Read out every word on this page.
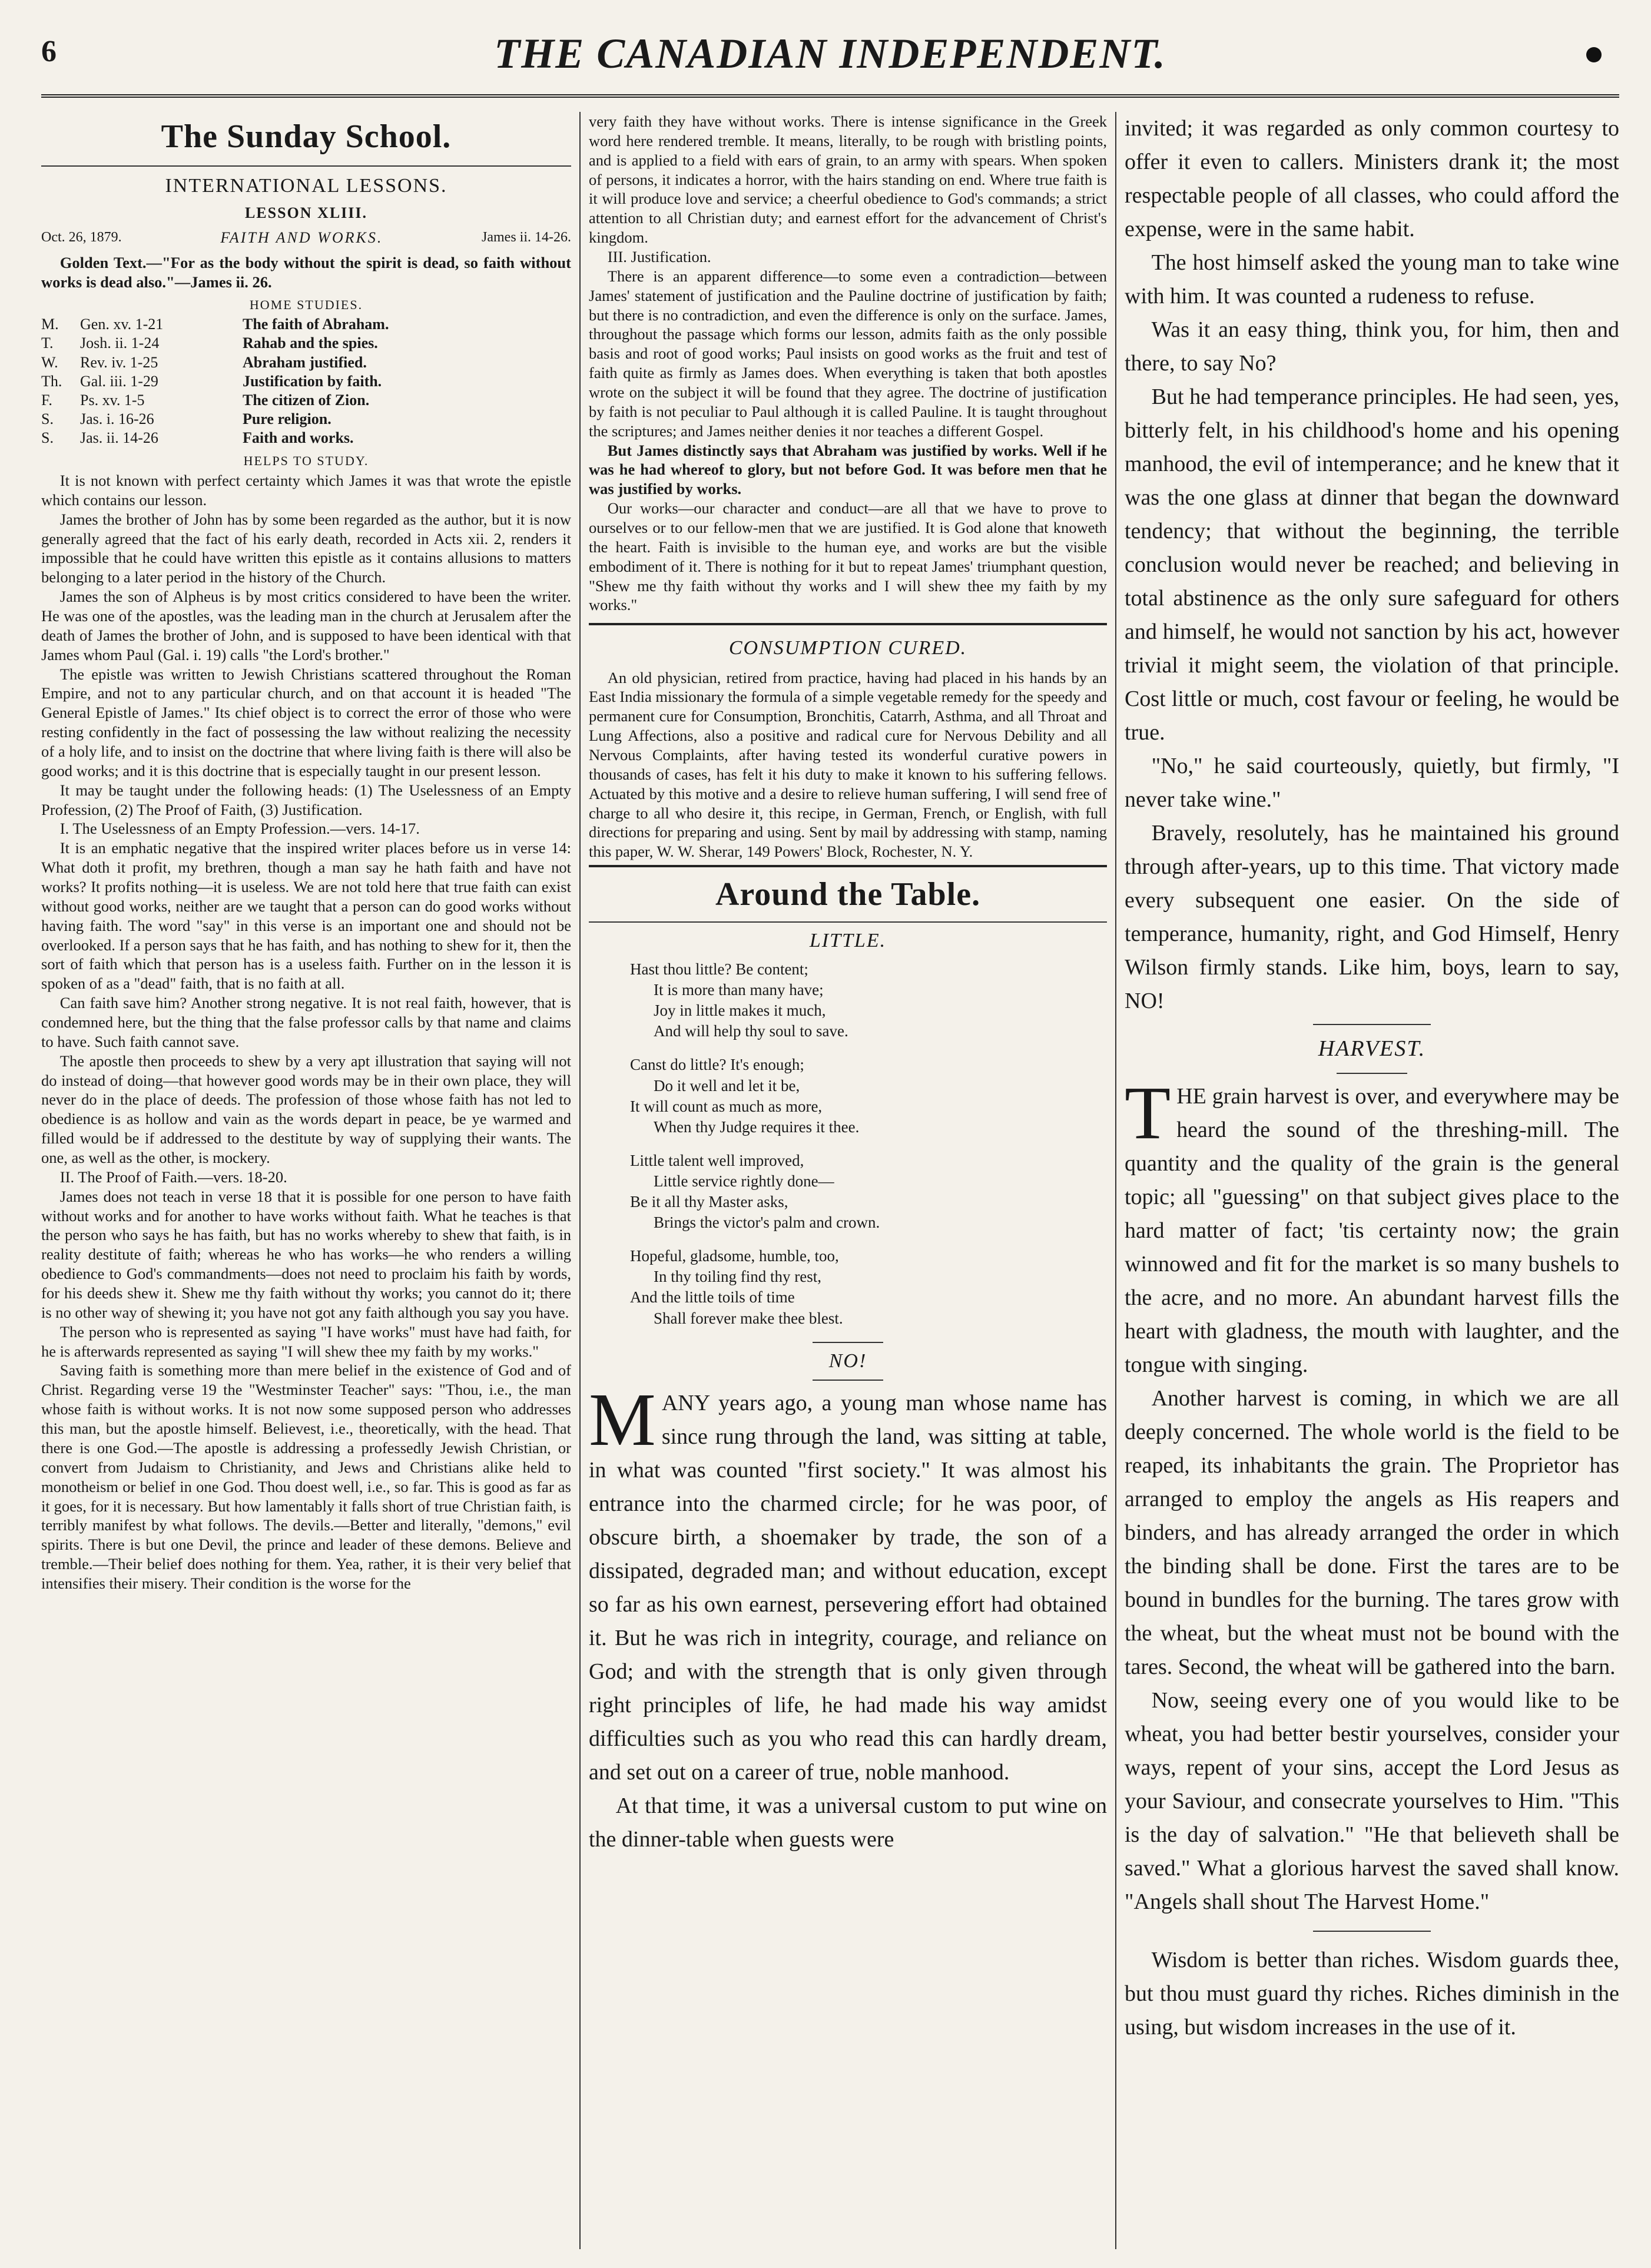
6	THE CANADIAN INDEPENDENT.
The Sunday School.
INTERNATIONAL LESSONS.
LESSON XLIII.
Oct. 26, 1879.	FAITH AND WORKS.	James ii. 14-26.

Golden Text.—"For as the body without the spirit is dead, so faith without works is dead also."—James ii. 26.

HOME STUDIES.
M.	Gen. xv. 1-21	The faith of Abraham.
T.	Josh. ii. 1-24	Rahab and the spies.
W.	Rev. iv. 1-25	Abraham justified.
Th.	Gal. iii. 1-29	Justification by faith.
F.	Ps. xv. 1-5	The citizen of Zion.
S.	Jas. i. 16-26	Pure religion.
S.	Jas. ii. 14-26	Faith and works.
HELPS TO STUDY.

It is not known with perfect certainty which James it was that wrote the epistle which contains our lesson.

James the brother of John has by some been regarded as the author, but it is now generally agreed that the fact of his early death, recorded in Acts xii. 2, renders it impossible that he could have written this epistle as it contains allusions to matters belonging to a later period in the history of the Church.

James the son of Alpheus is by most critics considered to have been the writer. He was one of the apostles, was the leading man in the church at Jerusalem after the death of James the brother of John, and is supposed to have been identical with that James whom Paul (Gal. i. 19) calls "the Lord's brother."

The epistle was written to Jewish Christians scattered throughout the Roman Empire, and not to any particular church, and on that account it is headed "The General Epistle of James." Its chief object is to correct the error of those who were resting confidently in the fact of possessing the law without realizing the necessity of a holy life, and to insist on the doctrine that where living faith is there will also be good works; and it is this doctrine that is especially taught in our present lesson.

It may be taught under the following heads: (1) The Uselessness of an Empty Profession, (2) The Proof of Faith, (3) Justification.

I. The Uselessness of an Empty Profession.—vers. 14-17.

It is an emphatic negative that the inspired writer places before us in verse 14: What doth it profit, my brethren, though a man say he hath faith and have not works? It profits nothing—it is useless. We are not told here that true faith can exist without good works, neither are we taught that a person can do good works without having faith. The word "say" in this verse is an important one and should not be overlooked. If a person says that he has faith, and has nothing to shew for it, then the sort of faith which that person has is a useless faith. Further on in the lesson it is spoken of as a "dead" faith, that is no faith at all.

Can faith save him? Another strong negative. It is not real faith, however, that is condemned here, but the thing that the false professor calls by that name and claims to have. Such faith cannot save.

The apostle then proceeds to shew by a very apt illustration that saying will not do instead of doing—that however good words may be in their own place, they will never do in the place of deeds. The profession of those whose faith has not led to obedience is as hollow and vain as the words depart in peace, be ye warmed and filled would be if addressed to the destitute by way of supplying their wants. The one, as well as the other, is mockery.

II. The Proof of Faith.—vers. 18-20.

James does not teach in verse 18 that it is possible for one person to have faith without works and for another to have works without faith. What he teaches is that the person who says he has faith, but has no works whereby to shew that faith, is in reality destitute of faith; whereas he who has works—he who renders a willing obedience to God's commandments—does not need to proclaim his faith by words, for his deeds shew it. Shew me thy faith without thy works; you cannot do it; there is no other way of shewing it; you have not got any faith although you say you have.

The person who is represented as saying "I have works" must have had faith, for he is afterwards represented as saying "I will shew thee my faith by my works."

Saving faith is something more than mere belief in the existence of God and of Christ. Regarding verse 19 the "Westminster Teacher" says: "Thou, i.e., the man whose faith is without works. It is not now some supposed person who addresses this man, but the apostle himself. Believest, i.e., theoretically, with the head. That there is one God.—The apostle is addressing a professedly Jewish Christian, or convert from Judaism to Christianity, and Jews and Christians alike held to monotheism or belief in one God. Thou doest well, i.e., so far. This is good as far as it goes, for it is necessary. But how lamentably it falls short of true Christian faith, is terribly manifest by what follows. The devils.—Better and literally, "demons," evil spirits. There is but one Devil, the prince and leader of these demons. Believe and tremble.—Their belief does nothing for them. Yea, rather, it is their very belief that intensifies their misery. Their condition is the worse for the

very faith they have without works. There is intense significance in the Greek word here rendered tremble. It means, literally, to be rough with bristling points, and is applied to a field with ears of grain, to an army with spears. When spoken of persons, it indicates a horror, with the hairs standing on end. Where true faith is it will produce love and service; a cheerful obedience to God's commands; a strict attention to all Christian duty; and earnest effort for the advancement of Christ's kingdom.

III. Justification.

There is an apparent difference—to some even a contradiction—between James' statement of justification and the Pauline doctrine of justification by faith; but there is no contradiction, and even the difference is only on the surface. James, throughout the passage which forms our lesson, admits faith as the only possible basis and root of good works; Paul insists on good works as the fruit and test of faith quite as firmly as James does. When everything is taken that both apostles wrote on the subject it will be found that they agree. The doctrine of justification by faith is not peculiar to Paul although it is called Pauline. It is taught throughout the scriptures; and James neither denies it nor teaches a different Gospel.

But James distinctly says that Abraham was justified by works. Well if he was he had whereof to glory, but not before God. It was before men that he was justified by works.

Our works—our character and conduct—are all that we have to prove to ourselves or to our fellow-men that we are justified. It is God alone that knoweth the heart. Faith is invisible to the human eye, and works are but the visible embodiment of it. There is nothing for it but to repeat James' triumphant question, "Shew me thy faith without thy works and I will shew thee my faith by my works."

CONSUMPTION CURED.

An old physician, retired from practice, having had placed in his hands by an East India missionary the formula of a simple vegetable remedy for the speedy and permanent cure for Consumption, Bronchitis, Catarrh, Asthma, and all Throat and Lung Affections, also a positive and radical cure for Nervous Debility and all Nervous Complaints, after having tested its wonderful curative powers in thousands of cases, has felt it his duty to make it known to his suffering fellows. Actuated by this motive and a desire to relieve human suffering, I will send free of charge to all who desire it, this recipe, in German, French, or English, with full directions for preparing and using. Sent by mail by addressing with stamp, naming this paper, W. W. Sherar, 149 Powers' Block, Rochester, N. Y.

Around the Table.
LITTLE.
Hast thou little? Be content;
It is more than many have;
Joy in little makes it much,
And will help thy soul to save.
Canst do little? It's enough;
Do it well and let it be,
It will count as much as more,
When thy Judge requires it thee.
Little talent well improved,
Little service rightly done—
Be it all thy Master asks,
Brings the victor's palm and crown.
Hopeful, gladsome, humble, too,
In thy toiling find thy rest,
And the little toils of time
Shall forever make thee blest.
NO!

MANY years ago, a young man whose name has since rung through the land, was sitting at table, in what was counted "first society." It was almost his entrance into the charmed circle; for he was poor, of obscure birth, a shoemaker by trade, the son of a dissipated, degraded man; and without education, except so far as his own earnest, persevering effort had obtained it. But he was rich in integrity, courage, and reliance on God; and with the strength that is only given through right principles of life, he had made his way amidst difficulties such as you who read this can hardly dream, and set out on a career of true, noble manhood.

At that time, it was a universal custom to put wine on the dinner-table when guests were

invited; it was regarded as only common courtesy to offer it even to callers. Ministers drank it; the most respectable people of all classes, who could afford the expense, were in the same habit.

The host himself asked the young man to take wine with him. It was counted a rudeness to refuse.

Was it an easy thing, think you, for him, then and there, to say No?

But he had temperance principles. He had seen, yes, bitterly felt, in his childhood's home and his opening manhood, the evil of intemperance; and he knew that it was the one glass at dinner that began the downward tendency; that without the beginning, the terrible conclusion would never be reached; and believing in total abstinence as the only sure safeguard for others and himself, he would not sanction by his act, however trivial it might seem, the violation of that principle. Cost little or much, cost favour or feeling, he would be true.

"No," he said courteously, quietly, but firmly, "I never take wine."

Bravely, resolutely, has he maintained his ground through after-years, up to this time. That victory made every subsequent one easier. On the side of temperance, humanity, right, and God Himself, Henry Wilson firmly stands. Like him, boys, learn to say, NO!

HARVEST.

THE grain harvest is over, and everywhere may be heard the sound of the threshing-mill. The quantity and the quality of the grain is the general topic; all "guessing" on that subject gives place to the hard matter of fact; 'tis certainty now; the grain winnowed and fit for the market is so many bushels to the acre, and no more. An abundant harvest fills the heart with gladness, the mouth with laughter, and the tongue with singing.

Another harvest is coming, in which we are all deeply concerned. The whole world is the field to be reaped, its inhabitants the grain. The Proprietor has arranged to employ the angels as His reapers and binders, and has already arranged the order in which the binding shall be done. First the tares are to be bound in bundles for the burning. The tares grow with the wheat, but the wheat must not be bound with the tares. Second, the wheat will be gathered into the barn.

Now, seeing every one of you would like to be wheat, you had better bestir yourselves, consider your ways, repent of your sins, accept the Lord Jesus as your Saviour, and consecrate yourselves to Him. "This is the day of salvation." "He that believeth shall be saved." What a glorious harvest the saved shall know. "Angels shall shout The Harvest Home."

Wisdom is better than riches. Wisdom guards thee, but thou must guard thy riches. Riches diminish in the using, but wisdom increases in the use of it.
